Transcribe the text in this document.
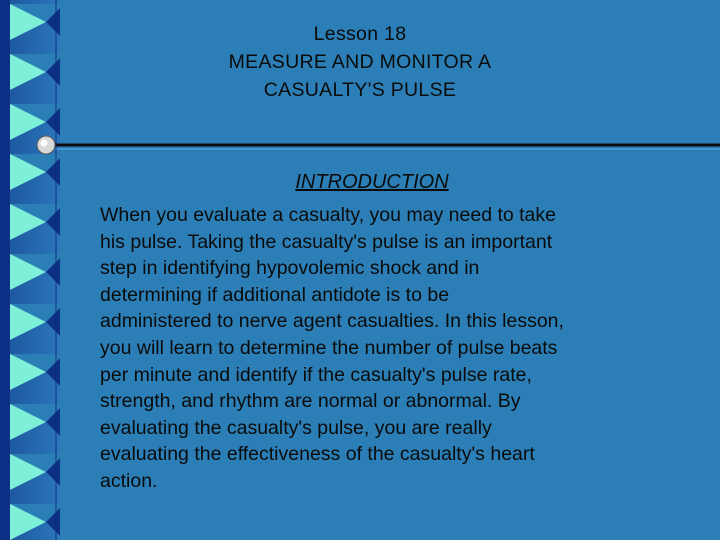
Lesson 18
MEASURE AND MONITOR A
CASUALTY'S PULSE
INTRODUCTION
When you evaluate a casualty, you may need to take
his pulse. Taking the casualty's pulse is an important
step in identifying hypovolemic shock and in
determining if additional antidote is to be
administered to nerve agent casualties. In this lesson,
you will learn to determine the number of pulse beats
per minute and identify if the casualty's pulse rate,
strength, and rhythm are normal or abnormal. By
evaluating the casualty's pulse, you are really
evaluating the effectiveness of the casualty's heart
action.
